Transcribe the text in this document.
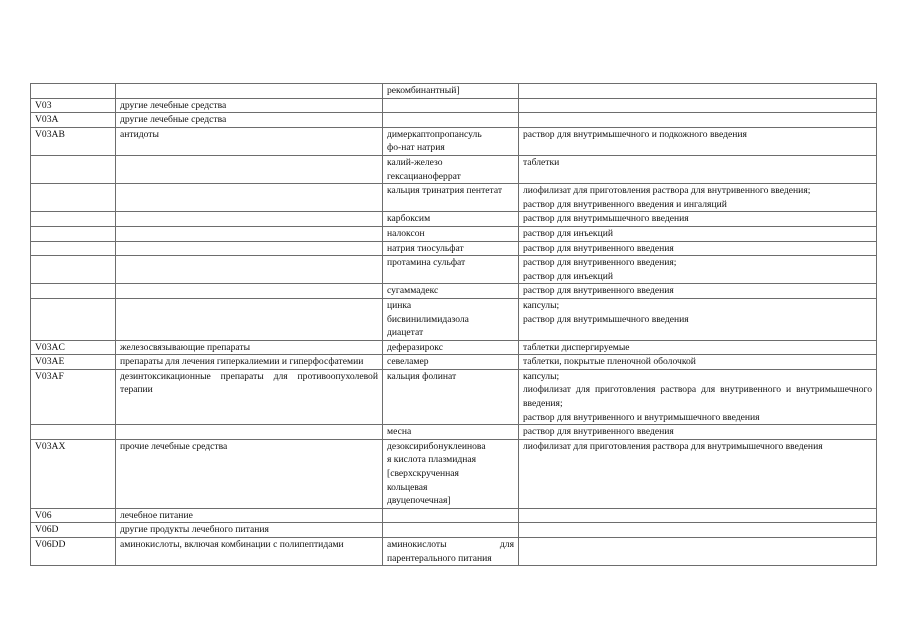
		рекомбинантный]	
V03	другие лечебные средства		
V03A	другие лечебные средства		
V03AB	антидоты	димеркаптопропансуль
фо-нат натрия	раствор для внутримышечного и подкожного введения

		калий-железо
гексацианоферрат	таблетки

		кальция тринатрия пентетат	лиофилизат для приготовления раствора для внутривенного введения;
раствор для внутривенного введения и ингаляций

		карбоксим	раствор для внутримышечного введения

		налоксон	раствор для инъекций

		натрия тиосульфат	раствор для внутривенного введения

		протамина сульфат	раствор для внутривенного введения;
раствор для инъекций

		сугаммадекс	раствор для внутривенного введения

		цинка
бисвинилимидазола
диацетат	капсулы;
раствор для внутримышечного введения

V03AC	железосвязывающие препараты	деферазирокс	таблетки диспергируемые

V03AE	препараты для лечения гиперкалиемии и гиперфосфатемии	севеламер	таблетки, покрытые пленочной оболочкой

V03AF	дезинтоксикационные препараты для противоопухолевой терапии	кальция фолинат	капсулы;
лиофилизат для приготовления раствора для внутривенного и внутримышечного введения;
раствор для внутривенного и внутримышечного введения

		месна	раствор для внутривенного введения

V03AX	прочие лечебные средства	дезоксирибонуклеинова
я кислота плазмидная
[сверхскрученная
кольцевая
двуцепочечная]	лиофилизат для приготовления раствора для внутримышечного введения

V06	лечебное питание		
V06D	другие продукты лечебного питания		
V06DD	аминокислоты, включая комбинации с полипептидами	аминокислоты для парентерального питания	
